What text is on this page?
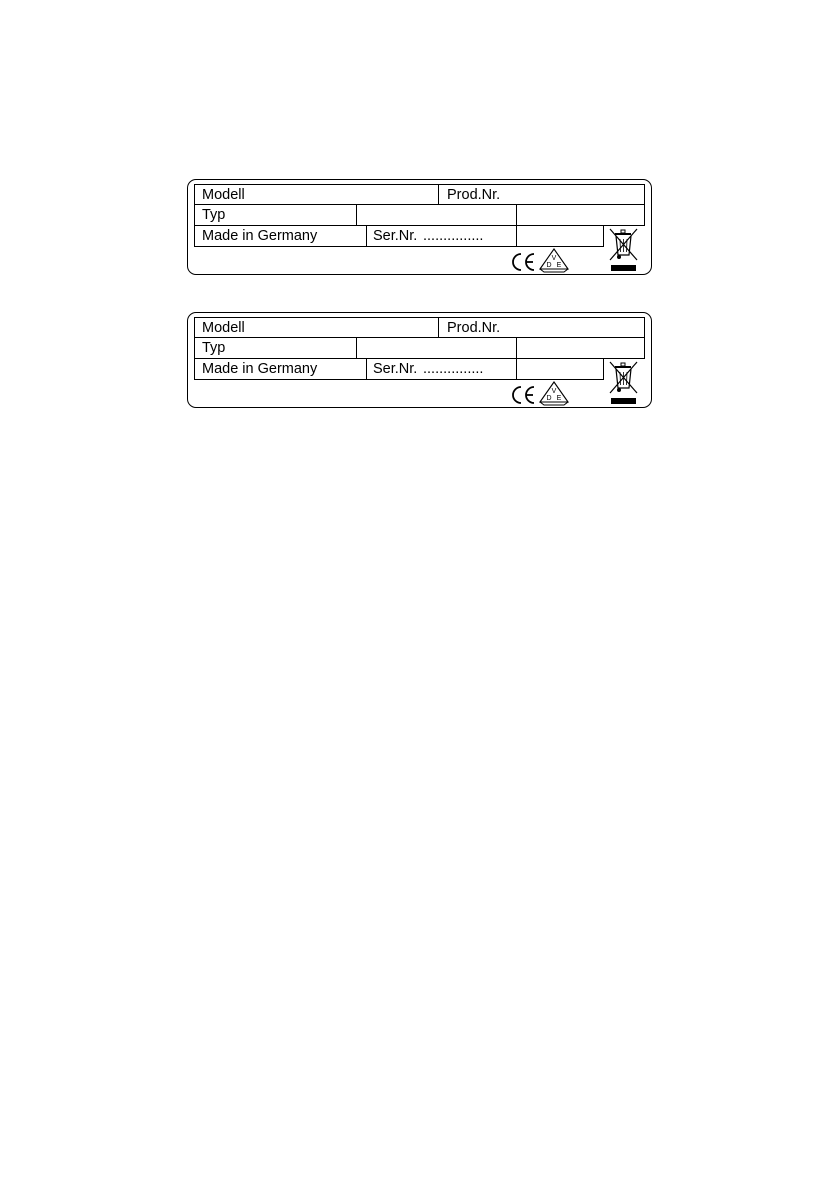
Modell	Prod.Nr.
Typ
Made in Germany	Ser.Nr. ...............
V
D E
Modell	Prod.Nr.
Typ
Made in Germany	Ser.Nr. ...............
V
D E
